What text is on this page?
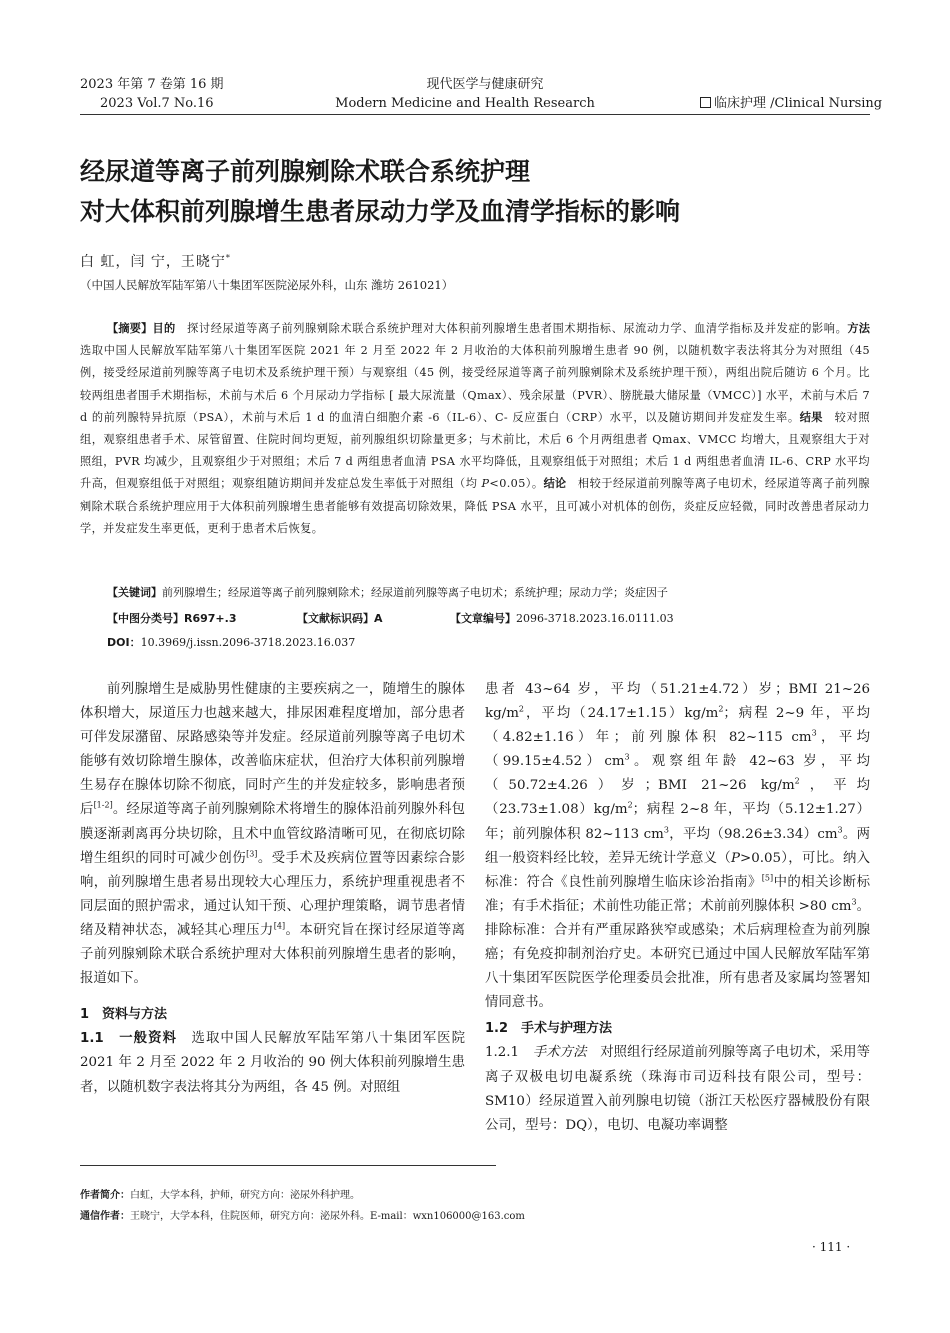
2023 年第 7 卷第 16 期
2023 Vol.7 No.16
现代医学与健康研究
Modern Medicine and Health Research	临床护理 /Clinical Nursing
经尿道等离子前列腺剜除术联合系统护理
对大体积前列腺增生患者尿动力学及血清学指标的影响
白 虹，闫 宁，王晓宁*
（中国人民解放军陆军第八十集团军医院泌尿外科，山东 潍坊 261021）
【摘要】目的　 探讨经尿道等离子前列腺剜除术联合系统护理对大体积前列腺增生患者围术期指标、尿流动力学、血清学指标及并发症的影响。方法　选取中国人民解放军陆军第八十集团军医院 2021 年 2 月至 2022 年 2 月收治的大体积前列腺增生患者 90 例，以随机数字表法将其分为对照组（45 例，接受经尿道前列腺等离子电切术及系统护理干预）与观察组（45 例，接受经尿道等离子前列腺剜除术及系统护理干预），两组出院后随访 6 个月。比较两组患者围手术期指标，术前与术后 6 个月尿动力学指标 [ 最大尿流量（Qmax）、残余尿量（PVR）、膀胱最大储尿量（VMCC）] 水平，术前与术后 7 d 的前列腺特异抗原（PSA），术前与术后 1 d 的血清白细胞介素 -6（IL-6）、C- 反应蛋白（CRP）水平，以及随访期间并发症发生率。结果　 较对照组，观察组患者手术、尿管留置、住院时间均更短，前列腺组织切除量更多；与术前比，术后 6 个月两组患者 Qmax、VMCC 均增大，且观察组大于对照组，PVR 均减少，且观察组少于对照组；术后 7 d 两组患者血清 PSA 水平均降低，且观察组低于对照组；术后 1 d 两组患者血清 IL-6、CRP 水平均升高，但观察组低于对照组；观察组随访期间并发症总发生率低于对照组（均 P<0.05）。结论　 相较于经尿道前列腺等离子电切术，经尿道等离子前列腺剜除术联合系统护理应用于大体积前列腺增生患者能够有效提高切除效果，降低 PSA 水平，且可减小对机体的创伤，炎症反应轻微，同时改善患者尿动力学，并发症发生率更低，更利于患者术后恢复。
【关键词】前列腺增生；经尿道等离子前列腺剜除术；经尿道前列腺等离子电切术；系统护理；尿动力学；炎症因子
【中图分类号】R697+.3	【文献标识码】A	【文章编号】2096-3718.2023.16.0111.03
DOI：10.3969/j.issn.2096-3718.2023.16.037

前列腺增生是威胁男性健康的主要疾病之一，随增生的腺体体积增大，尿道压力也越来越大，排尿困难程度增加，部分患者可伴发尿潴留、尿路感染等并发症。经尿道前列腺等离子电切术能够有效切除增生腺体，改善临床症状，但治疗大体积前列腺增生易存在腺体切除不彻底，同时产生的并发症较多，影响患者预后[1-2]。经尿道等离子前列腺剜除术将增生的腺体沿前列腺外科包膜逐渐剥离再分块切除，且术中血管纹路清晰可见，在彻底切除增生组织的同时可减少创伤[3]。受手术及疾病位置等因素综合影响，前列腺增生患者易出现较大心理压力，系统护理重视患者不同层面的照护需求，通过认知干预、心理护理策略，调节患者情绪及精神状态，减轻其心理压力[4]。本研究旨在探讨经尿道等离子前列腺剜除术联合系统护理对大体积前列腺增生患者的影响，报道如下。

1　资料与方法

1.1　一般资料　 选取中国人民解放军陆军第八十集团军医院 2021 年 2 月至 2022 年 2 月收治的 90 例大体积前列腺增生患者，以随机数字表法将其分为两组，各 45 例。对照组

患者 43~64 岁，平均（51.21±4.72）岁；BMI 21~26 $kg/m^2$，平均$(24.17\pm 1.15)kg/m^2$；病程 2~9 年，平均（4.82±1.16）年；前列腺体积 82~115 $cm^3$，平均$(99.15\pm 4.52)cm^3$。观察组年龄 42~63 岁，平均（50.72±4.26）岁；BMI 21~26 $kg/m^2$，平均$(23.73\pm 1.08)kg/m^2$；病程 2~8 年，平均（5.12±1.27）年；前列腺体积 82~113 $cm^3$，平均$(98.26\pm 3.34)cm^3$。两组一般资料经比较，差异无统计学意义（P>0.05），可比。纳入标准：符合《良性前列腺增生临床诊治指南》[5]中的相关诊断标准；有手术指征；术前性功能正常；术前前列腺体积 >80 $cm^3$。排除标准：合并有严重尿路狭窄或感染；术后病理检查为前列腺癌；有免疫抑制剂治疗史。本研究已通过中国人民解放军陆军第八十集团军医院医学伦理委员会批准，所有患者及家属均签署知情同意书。

1.2　手术与护理方法

1.2.1　 手术方法　 对照组行经尿道前列腺等离子电切术，采用等离子双极电切电凝系统（珠海市司迈科技有限公司，型号：SM10）经尿道置入前列腺电切镜（浙江天松医疗器械股份有限公司，型号：DQ），电切、电凝功率调整

作者简介：白虹，大学本科，护师，研究方向：泌尿外科护理。
通信作者：王晓宁，大学本科，住院医师，研究方向：泌尿外科。E-mail：wxn106000@163.com
· 111 ·
